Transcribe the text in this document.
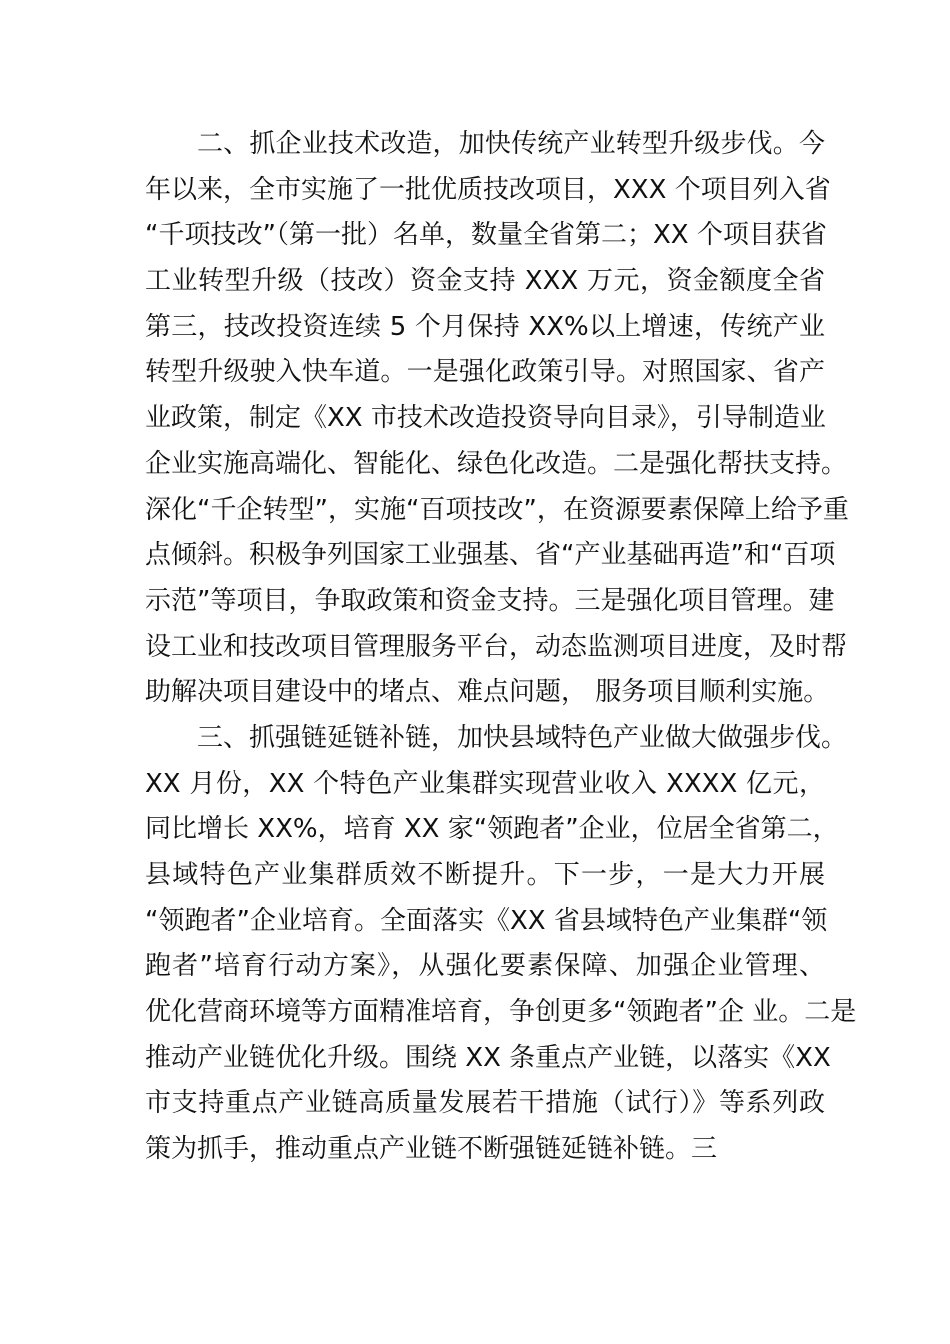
二、抓企业技术改造，加快传统产业转型升级步伐。今
年以来，全市实施了一批优质技改项目，XXX 个项目列入省
“千项技改”（第一批）名单，数量全省第二；XX 个项目获省
工业转型升级（技改）资金支持 XXX 万元，资金额度全省
第三，技改投资连续 5 个月保持 XX%以上增速，传统产业
转型升级驶入快车道。一是强化政策引导。对照国家、省产
业政策，制定《XX 市技术改造投资导向目录》，引导制造业
企业实施高端化、智能化、绿色化改造。二是强化帮扶支持。
深化“千企转型”，实施“百项技改”，在资源要素保障上给予重
点倾斜。积极争列国家工业强基、省“产业基础再造”和“百项
示范”等项目，争取政策和资金支持。三是强化项目管理。建
设工业和技改项目管理服务平台，动态监测项目进度，及时帮
助解决项目建设中的堵点、难点问题， 服务项目顺利实施。
三、抓强链延链补链，加快县域特色产业做大做强步伐。
XX 月份，XX 个特色产业集群实现营业收入 XXXX 亿元，
同比增长 XX%，培育 XX 家“领跑者”企业，位居全省第二，
县域特色产业集群质效不断提升。下一步，一是大力开展
“领跑者”企业培育。全面落实《XX 省县域特色产业集群“领
跑者”培育行动方案》，从强化要素保障、加强企业管理、
优化营商环境等方面精准培育，争创更多“领跑者”企 业。二是
推动产业链优化升级。围绕 XX 条重点产业链，以落实《XX
市支持重点产业链高质量发展若干措施（试行）》等系列政
策为抓手，推动重点产业链不断强链延链补链。三
